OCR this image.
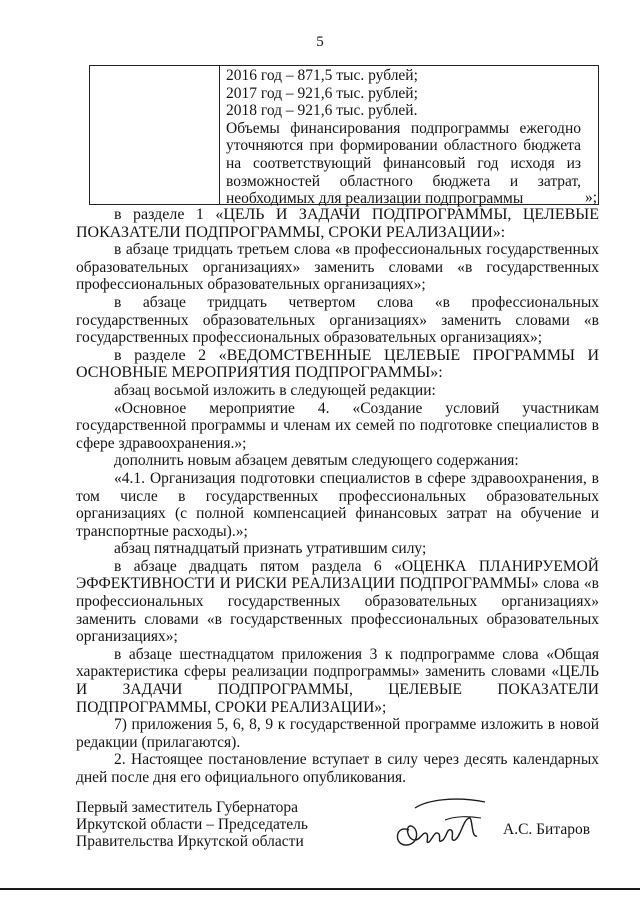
5
2016 год – 871,5 тыс. рублей;
2017 год – 921,6 тыс. рублей;
2018 год – 921,6 тыс. рублей.
Объемы финансирования подпрограммы ежегодно уточняются при формировании областного бюджета на соответствующий финансовый год исходя из возможностей областного бюджета и затрат, необходимых для реализации подпрограммы	»;

в разделе 1 «ЦЕЛЬ И ЗАДАЧИ ПОДПРОГРАММЫ, ЦЕЛЕВЫЕ ПОКАЗАТЕЛИ ПОДПРОГРАММЫ, СРОКИ РЕАЛИЗАЦИИ»:

в абзаце тридцать третьем слова «в профессиональных государственных образовательных организациях» заменить словами «в государственных профессиональных образовательных организациях»;

в абзаце тридцать четвертом слова «в профессиональных государственных образовательных организациях» заменить словами «в государственных профессиональных образовательных организациях»;

в разделе 2 «ВЕДОМСТВЕННЫЕ ЦЕЛЕВЫЕ ПРОГРАММЫ И ОСНОВНЫЕ МЕРОПРИЯТИЯ ПОДПРОГРАММЫ»:

абзац восьмой изложить в следующей редакции:

«Основное мероприятие 4. «Создание условий участникам государственной программы и членам их семей по подготовке специалистов в сфере здравоохранения.»;

дополнить новым абзацем девятым следующего содержания:

«4.1. Организация подготовки специалистов в сфере здравоохранения, в том числе в государственных профессиональных образовательных организациях (с полной компенсацией финансовых затрат на обучение и транспортные расходы).»;

абзац пятнадцатый признать утратившим силу;

в абзаце двадцать пятом раздела 6 «ОЦЕНКА ПЛАНИРУЕМОЙ ЭФФЕКТИВНОСТИ И РИСКИ РЕАЛИЗАЦИИ ПОДПРОГРАММЫ» слова «в профессиональных государственных образовательных организациях» заменить словами «в государственных профессиональных образовательных организациях»;

в абзаце шестнадцатом приложения 3 к подпрограмме слова «Общая характеристика сферы реализации подпрограммы» заменить словами «ЦЕЛЬ И ЗАДАЧИ ПОДПРОГРАММЫ, ЦЕЛЕВЫЕ ПОКАЗАТЕЛИ ПОДПРОГРАММЫ, СРОКИ РЕАЛИЗАЦИИ»;

7) приложения 5, 6, 8, 9 к государственной программе изложить в новой редакции (прилагаются).

2. Настоящее постановление вступает в силу через десять календарных дней после дня его официального опубликования.

Первый заместитель Губернатора
Иркутской области – Председатель
Правительства Иркутской области
А.С. Битаров
